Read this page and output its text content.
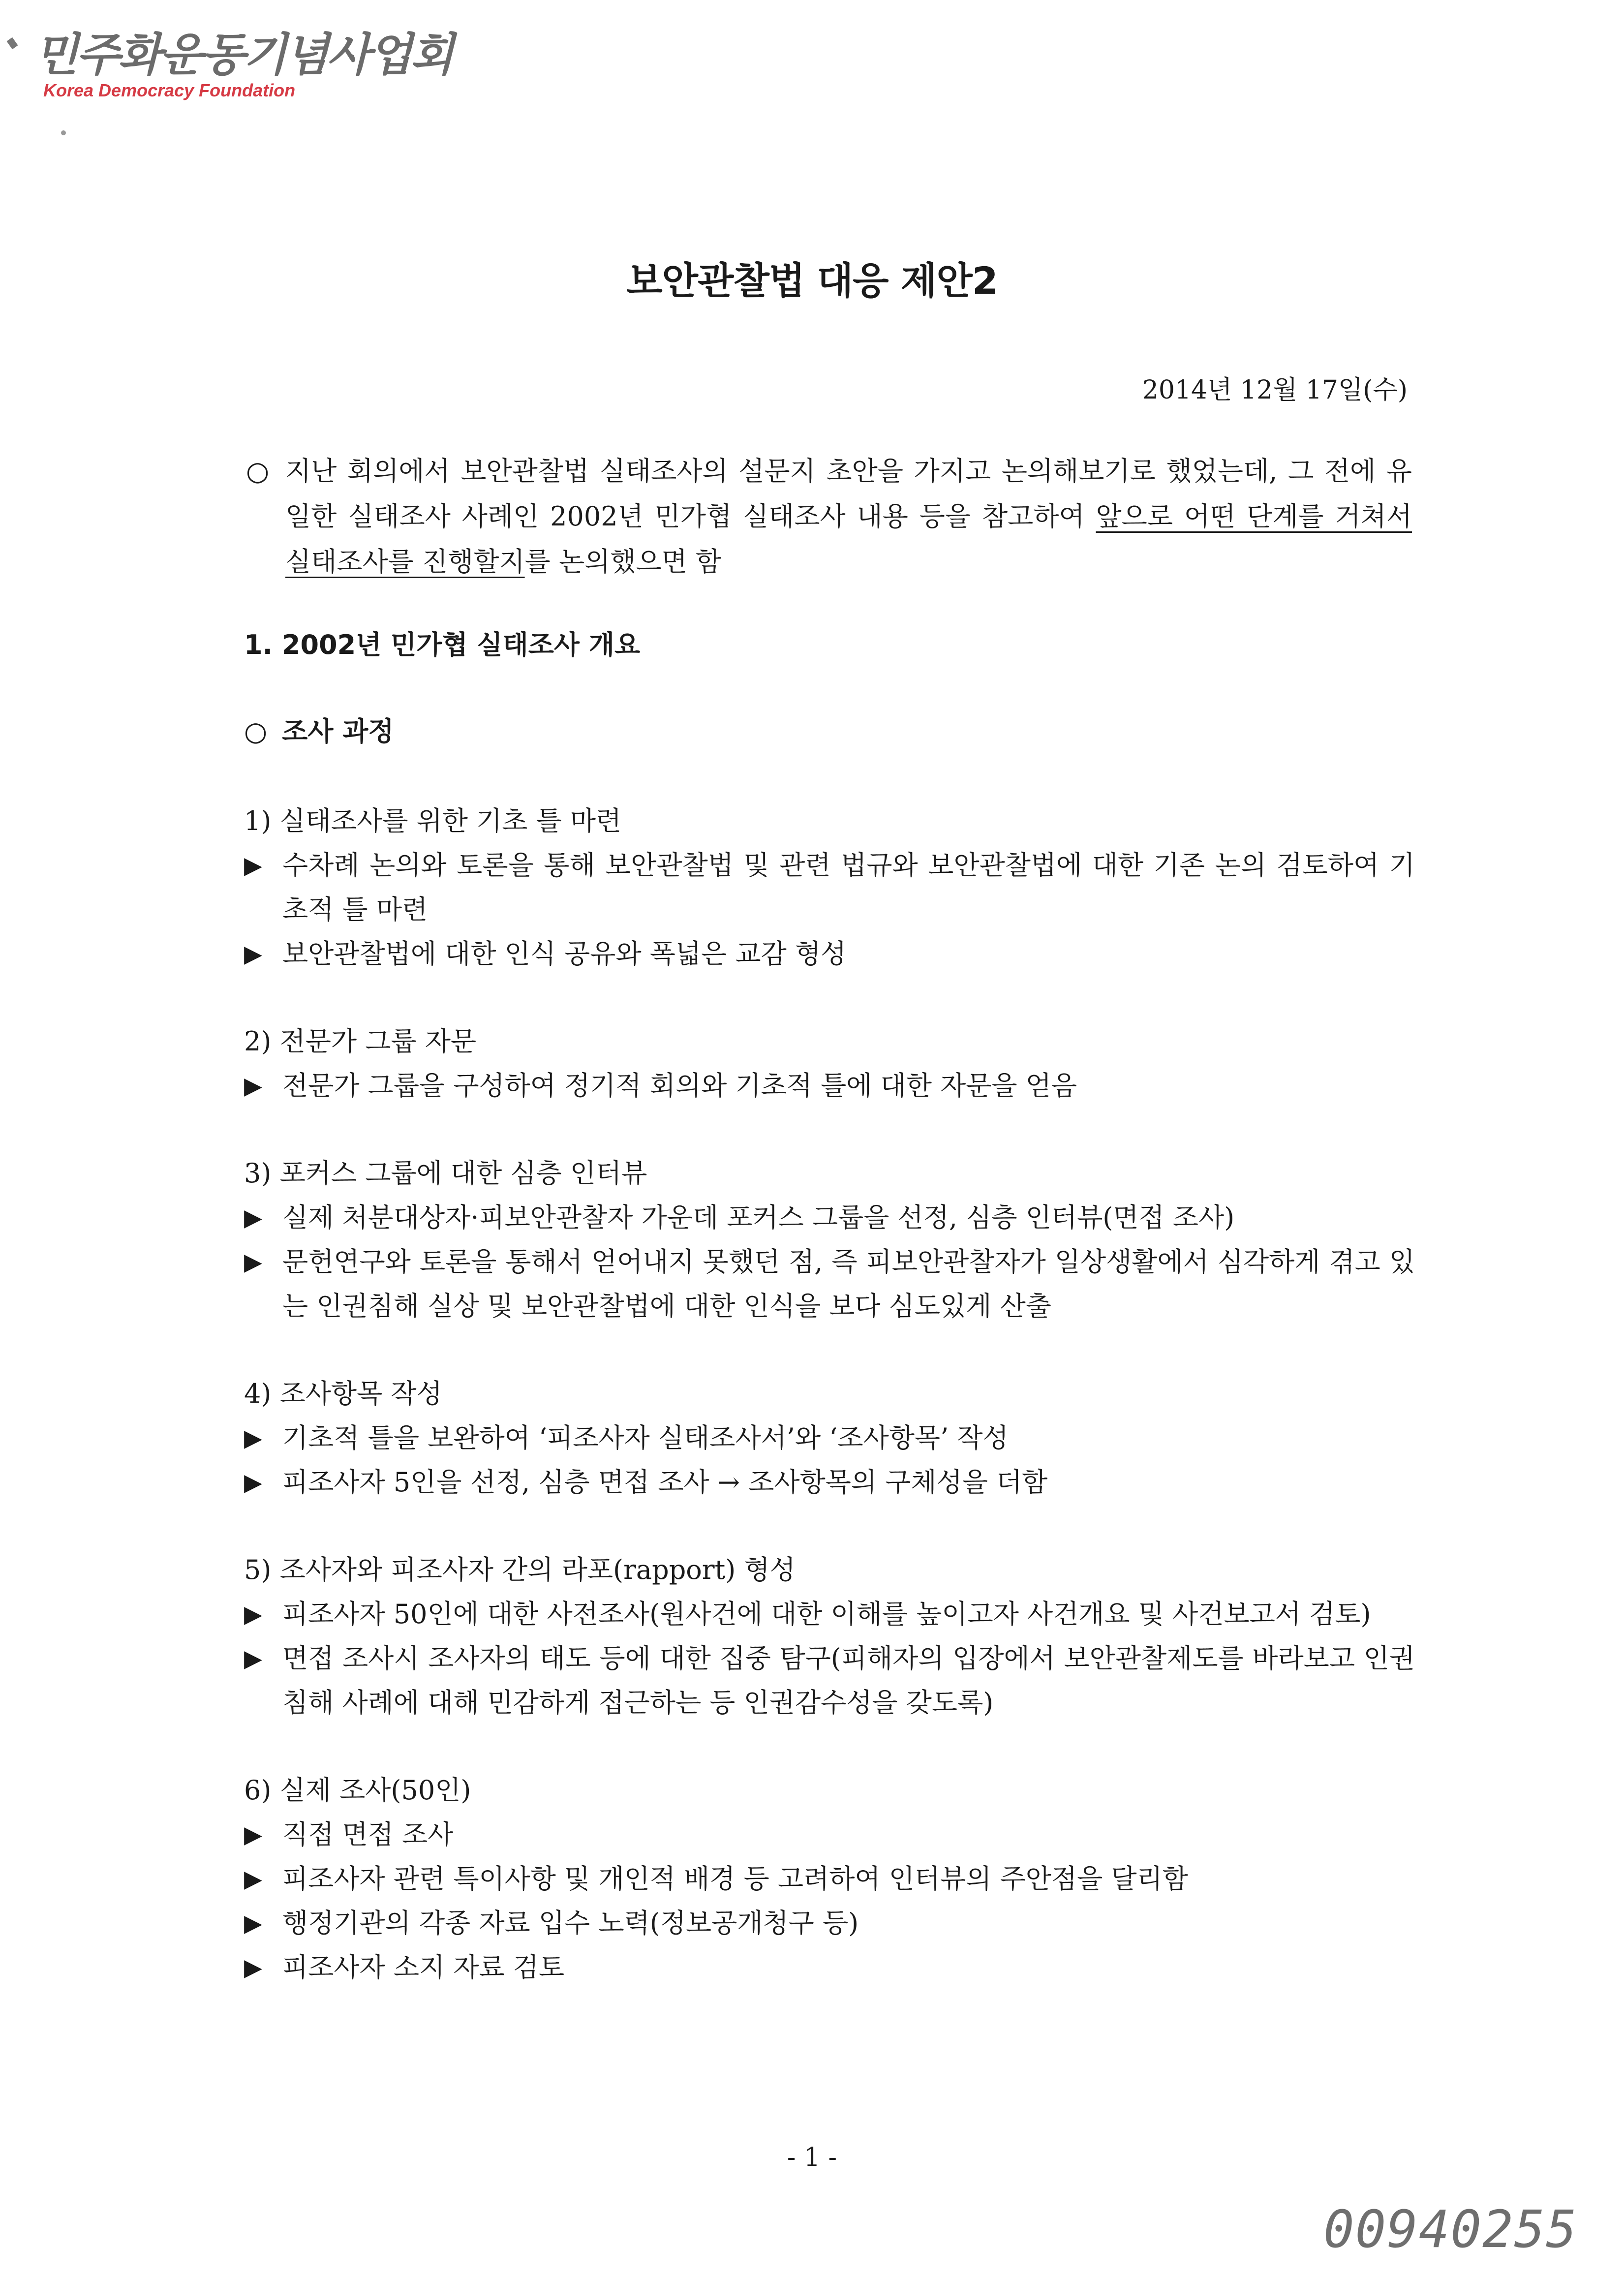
민주화운동기념사업회
Korea Democracy Foundation
보안관찰법 대응 제안2
2014년 12월 17일(수)
○ 지난 회의에서 보안관찰법 실태조사의 설문지 초안을 가지고 논의해보기로 했었는데, 그 전에 유일한 실태조사 사례인 2002년 민가협 실태조사 내용 등을 참고하여 앞으로 어떤 단계를 거쳐서 실태조사를 진행할지를 논의했으면 함
1. 2002년 민가협 실태조사 개요
○ 조사 과정
1) 실태조사를 위한 기초 틀 마련
▶ 수차례 논의와 토론을 통해 보안관찰법 및 관련 법규와 보안관찰법에 대한 기존 논의 검토하여 기초적 틀 마련
▶ 보안관찰법에 대한 인식 공유와 폭넓은 교감 형성
2) 전문가 그룹 자문
▶ 전문가 그룹을 구성하여 정기적 회의와 기초적 틀에 대한 자문을 얻음
3) 포커스 그룹에 대한 심층 인터뷰
▶ 실제 처분대상자·피보안관찰자 가운데 포커스 그룹을 선정, 심층 인터뷰(면접 조사)
▶ 문헌연구와 토론을 통해서 얻어내지 못했던 점, 즉 피보안관찰자가 일상생활에서 심각하게 겪고 있는 인권침해 실상 및 보안관찰법에 대한 인식을 보다 심도있게 산출
4) 조사항목 작성
▶ 기초적 틀을 보완하여 ‘피조사자 실태조사서’와 ‘조사항목’ 작성
▶ 피조사자 5인을 선정, 심층 면접 조사 → 조사항목의 구체성을 더함
5) 조사자와 피조사자 간의 라포(rapport) 형성
▶ 피조사자 50인에 대한 사전조사(원사건에 대한 이해를 높이고자 사건개요 및 사건보고서 검토)
▶ 면접 조사시 조사자의 태도 등에 대한 집중 탐구(피해자의 입장에서 보안관찰제도를 바라보고 인권 침해 사례에 대해 민감하게 접근하는 등 인권감수성을 갖도록)
6) 실제 조사(50인)
▶ 직접 면접 조사
▶ 피조사자 관련 특이사항 및 개인적 배경 등 고려하여 인터뷰의 주안점을 달리함
▶ 행정기관의 각종 자료 입수 노력(정보공개청구 등)
▶ 피조사자 소지 자료 검토
- 1 -
00940255
